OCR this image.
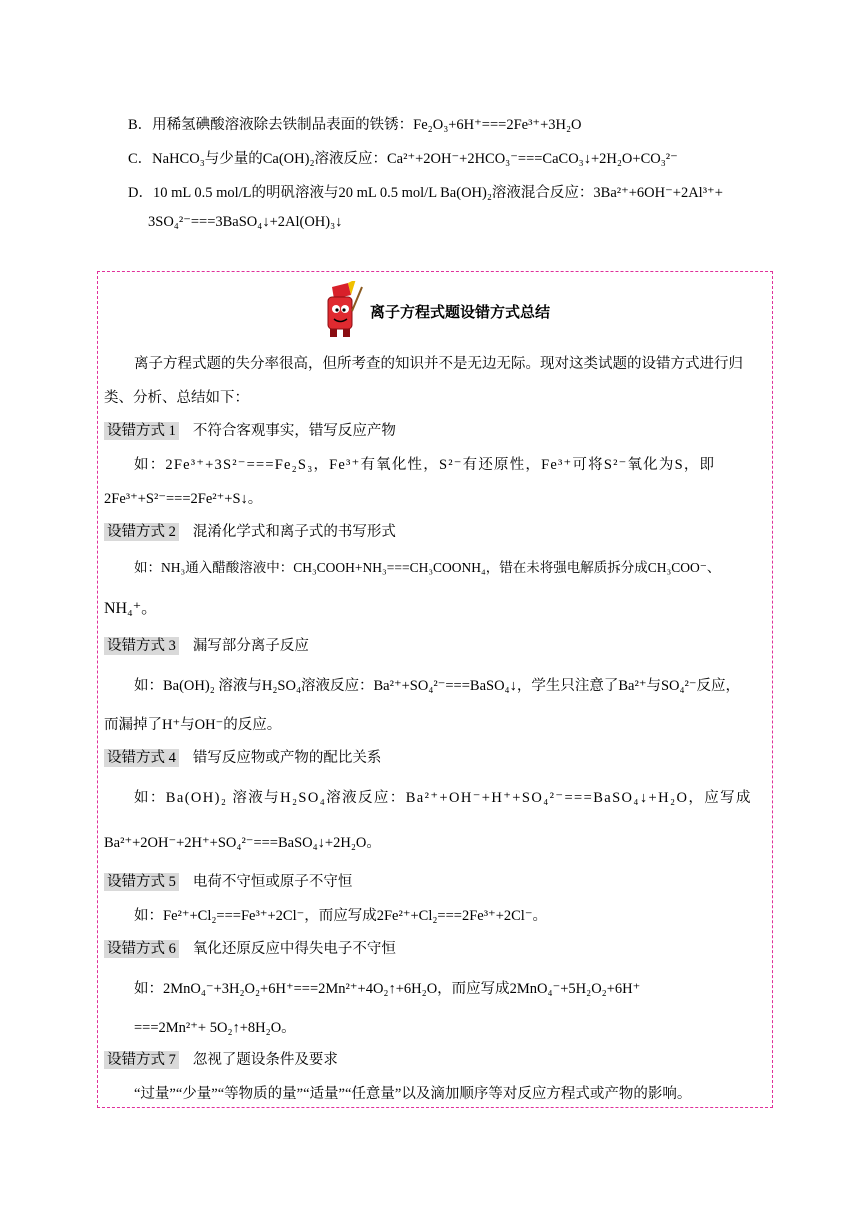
B．用稀氢碘酸溶液除去铁制品表面的铁锈：Fe₂O₃+6H⁺===2Fe³⁺+3H₂O
C．NaHCO₃与少量的Ca(OH)₂溶液反应：Ca²⁺+2OH⁻+2HCO₃⁻===CaCO₃↓+2H₂O+CO₃²⁻
D．10 mL 0.5 mol/L的明矾溶液与20 mL 0.5 mol/L Ba(OH)₂溶液混合反应：3Ba²⁺+6OH⁻+2Al³⁺+
3SO₄²⁻===3BaSO₄↓+2Al(OH)₃↓
离子方程式题设错方式总结
离子方程式题的失分率很高，但所考查的知识并不是无边无际。现对这类试题的设错方式进行归
类、分析、总结如下：
设错方式 1 不符合客观事实，错写反应产物
如：2Fe³⁺+3S²⁻===Fe₂S₃，Fe³⁺有氧化性，S²⁻有还原性，Fe³⁺可将S²⁻氧化为S，即
2Fe³⁺+S²⁻===2Fe²⁺+S↓。
设错方式 2 混淆化学式和离子式的书写形式
如：NH₃通入醋酸溶液中：CH₃COOH+NH₃===CH₃COONH₄，错在未将强电解质拆分成CH₃COO⁻、
NH₄⁺。
设错方式 3 漏写部分离子反应
如：Ba(OH)₂ 溶液与H₂SO₄溶液反应：Ba²⁺+SO₄²⁻===BaSO₄↓，学生只注意了Ba²⁺与SO₄²⁻反应，
而漏掉了H⁺与OH⁻的反应。
设错方式 4 错写反应物或产物的配比关系
如：Ba(OH)₂ 溶液与H₂SO₄溶液反应：Ba²⁺+OH⁻+H⁺+SO₄²⁻===BaSO₄↓+H₂O，应写成
Ba²⁺+2OH⁻+2H⁺+SO₄²⁻===BaSO₄↓+2H₂O。
设错方式 5 电荷不守恒或原子不守恒
如：Fe²⁺+Cl₂===Fe³⁺+2Cl⁻，而应写成2Fe²⁺+Cl₂===2Fe³⁺+2Cl⁻。
设错方式 6 氧化还原反应中得失电子不守恒
如：2MnO₄⁻+3H₂O₂+6H⁺===2Mn²⁺+4O₂↑+6H₂O，而应写成2MnO₄⁻+5H₂O₂+6H⁺
===2Mn²⁺+ 5O₂↑+8H₂O。
设错方式 7 忽视了题设条件及要求
“过量”“少量”“等物质的量”“适量”“任意量”以及滴加顺序等对反应方程式或产物的影响。
